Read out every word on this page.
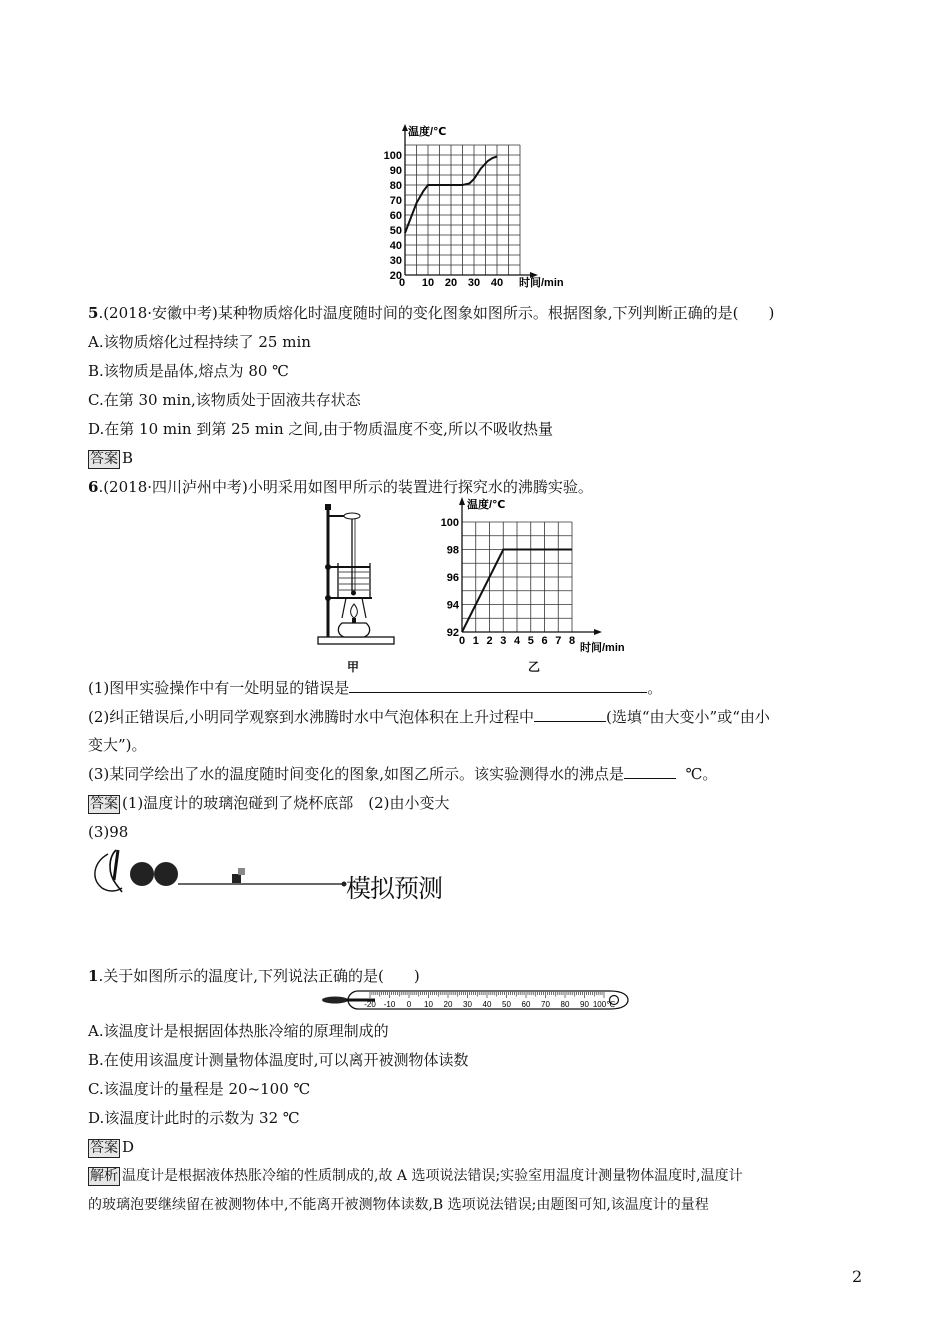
温度/℃
时间/min
20
30
40
50
60
70
80
90
100
0 10 20 30 40
5.(2018·安徽中考)某种物质熔化时温度随时间的变化图象如图所示。根据图象,下列判断正确的是(　　)
A.该物质熔化过程持续了 25 min
B.该物质是晶体,熔点为 80 ℃
C.在第 30 min,该物质处于固液共存状态
D.在第 10 min 到第 25 min 之间,由于物质温度不变,所以不吸收热量
答案 B
6.(2018·四川泸州中考)小明采用如图甲所示的装置进行探究水的沸腾实验。
甲
温度/℃
时间/min
92
94
96
98
100
0 1 2 3 4 5 6 7 8
乙
(1)图甲实验操作中有一处明显的错误是	。
(2)纠正错误后,小明同学观察到水沸腾时水中气泡体积在上升过程中	(选填“由大变小”或“由小
变大”)。
(3)某同学绘出了水的温度随时间变化的图象,如图乙所示。该实验测得水的沸点是	℃。
答案 (1)温度计的玻璃泡碰到了烧杯底部　(2)由小变大
(3)98
模拟预测
1.关于如图所示的温度计,下列说法正确的是(　　)
-20 -10 0 10 20 30 40 50 60 70 80 90 100℃
A.该温度计是根据固体热胀冷缩的原理制成的
B.在使用该温度计测量物体温度时,可以离开被测物体读数
C.该温度计的量程是 20~100 ℃
D.该温度计此时的示数为 32 ℃
答案 D
解析 温度计是根据液体热胀冷缩的性质制成的,故 A 选项说法错误;实验室用温度计测量物体温度时,温度计
的玻璃泡要继续留在被测物体中,不能离开被测物体读数,B 选项说法错误;由题图可知,该温度计的量程
2
